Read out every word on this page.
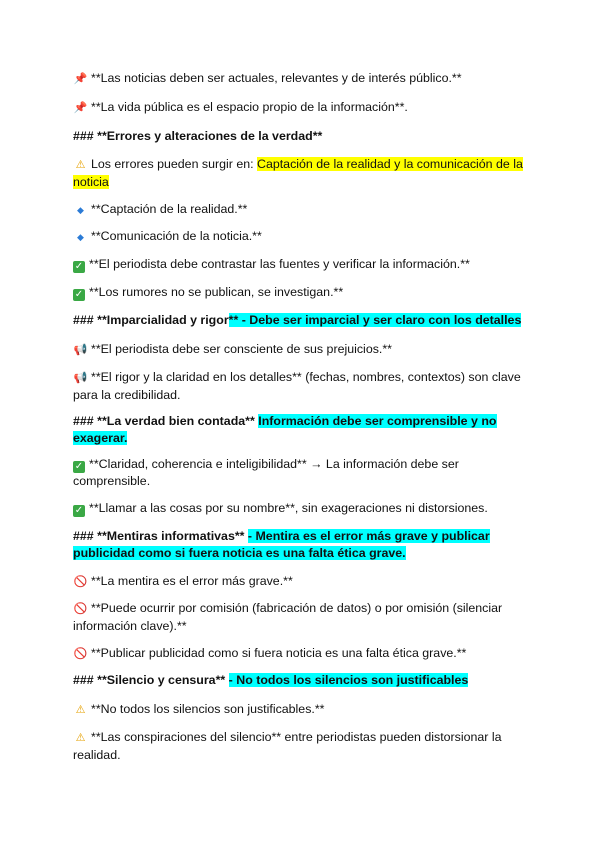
📌 **Las noticias deben ser actuales, relevantes y de interés público.**
📌 **La vida pública es el espacio propio de la información**.
### **Errores y alteraciones de la verdad**
⚠ Los errores pueden surgir en: Captación de la realidad y la comunicación de la noticia
◆ **Captación de la realidad.**
◆ **Comunicación de la noticia.**
✓ **El periodista debe contrastar las fuentes y verificar la información.**
✓ **Los rumores no se publican, se investigan.**
### **Imparcialidad y rigor** - Debe ser imparcial y ser claro con los detalles
📢 **El periodista debe ser consciente de sus prejuicios.**
📢 **El rigor y la claridad en los detalles** (fechas, nombres, contextos) son clave para la credibilidad.
### **La verdad bien contada** Información debe ser comprensible y no exagerar.
✓ **Claridad, coherencia e inteligibilidad** → La información debe ser comprensible.
✓ **Llamar a las cosas por su nombre**, sin exageraciones ni distorsiones.
### **Mentiras informativas** - Mentira es el error más grave y publicar publicidad como si fuera noticia es una falta ética grave.
🚫 **La mentira es el error más grave.**
🚫 **Puede ocurrir por comisión (fabricación de datos) o por omisión (silenciar información clave).**
🚫 **Publicar publicidad como si fuera noticia es una falta ética grave.**
### **Silencio y censura** - No todos los silencios son justificables
⚠ **No todos los silencios son justificables.**
⚠ **Las conspiraciones del silencio** entre periodistas pueden distorsionar la realidad.
